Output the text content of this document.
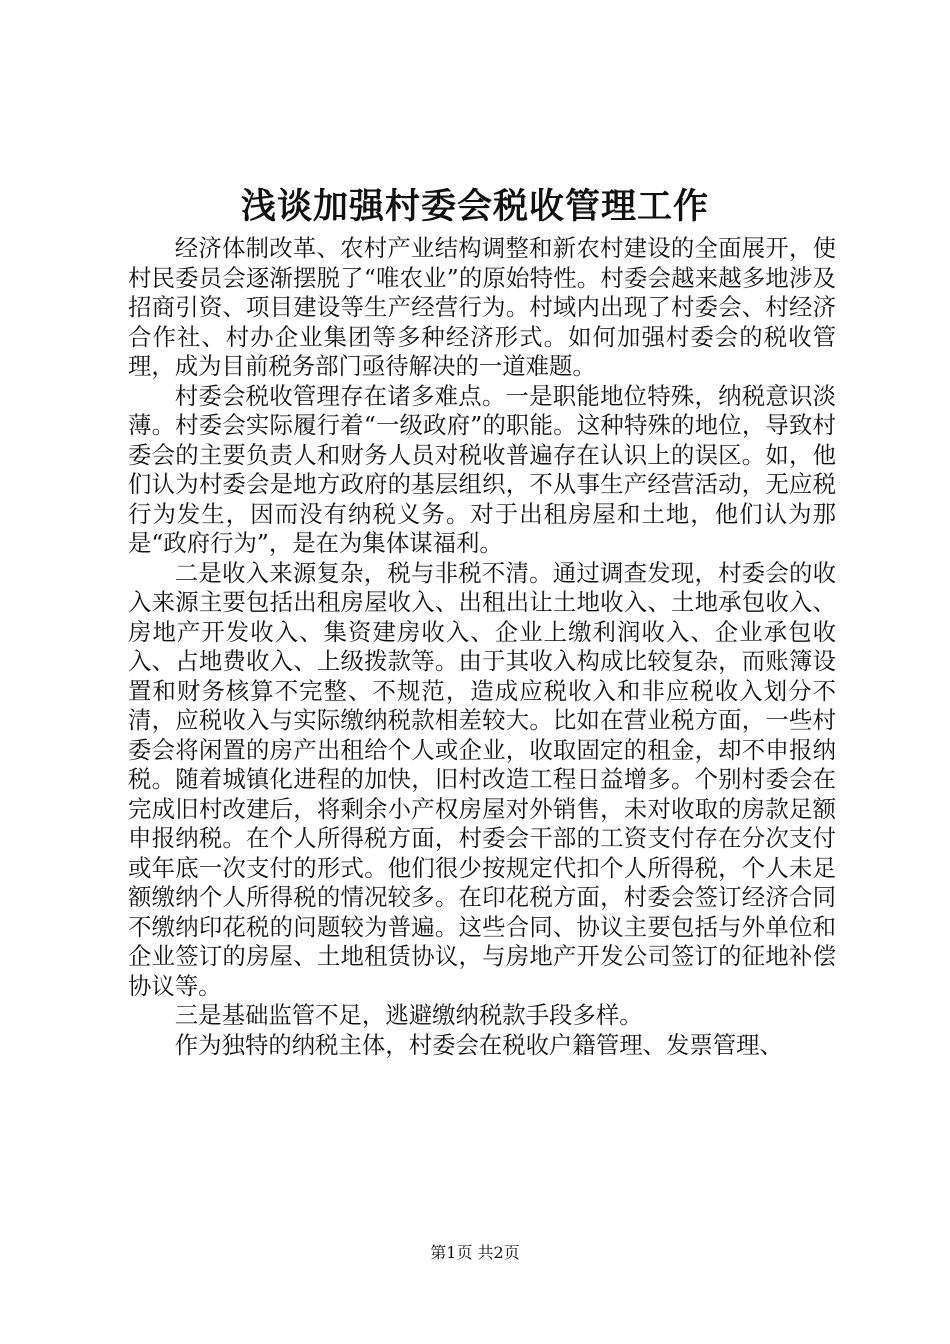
浅谈加强村委会税收管理工作

经济体制改革、农村产业结构调整和新农村建设的全面展开，使村民委员会逐渐摆脱了“唯农业”的原始特性。村委会越来越多地涉及招商引资、项目建设等生产经营行为。村域内出现了村委会、村经济合作社、村办企业集团等多种经济形式。如何加强村委会的税收管理，成为目前税务部门亟待解决的一道难题。

村委会税收管理存在诸多难点。一是职能地位特殊，纳税意识淡薄。村委会实际履行着“一级政府”的职能。这种特殊的地位，导致村委会的主要负责人和财务人员对税收普遍存在认识上的误区。如，他们认为村委会是地方政府的基层组织，不从事生产经营活动，无应税行为发生，因而没有纳税义务。对于出租房屋和土地，他们认为那是“政府行为”，是在为集体谋福利。

二是收入来源复杂，税与非税不清。通过调查发现，村委会的收入来源主要包括出租房屋收入、出租出让土地收入、土地承包收入、房地产开发收入、集资建房收入、企业上缴利润收入、企业承包收入、占地费收入、上级拨款等。由于其收入构成比较复杂，而账簿设置和财务核算不完整、不规范，造成应税收入和非应税收入划分不清，应税收入与实际缴纳税款相差较大。比如在营业税方面，一些村委会将闲置的房产出租给个人或企业，收取固定的租金，却不申报纳税。随着城镇化进程的加快，旧村改造工程日益增多。个别村委会在完成旧村改建后，将剩余小产权房屋对外销售，未对收取的房款足额申报纳税。在个人所得税方面，村委会干部的工资支付存在分次支付或年底一次支付的形式。他们很少按规定代扣个人所得税，个人未足额缴纳个人所得税的情况较多。在印花税方面，村委会签订经济合同不缴纳印花税的问题较为普遍。这些合同、协议主要包括与外单位和企业签订的房屋、土地租赁协议，与房地产开发公司签订的征地补偿协议等。

三是基础监管不足，逃避缴纳税款手段多样。

作为独特的纳税主体，村委会在税收户籍管理、发票管理、

第1页 共2页
